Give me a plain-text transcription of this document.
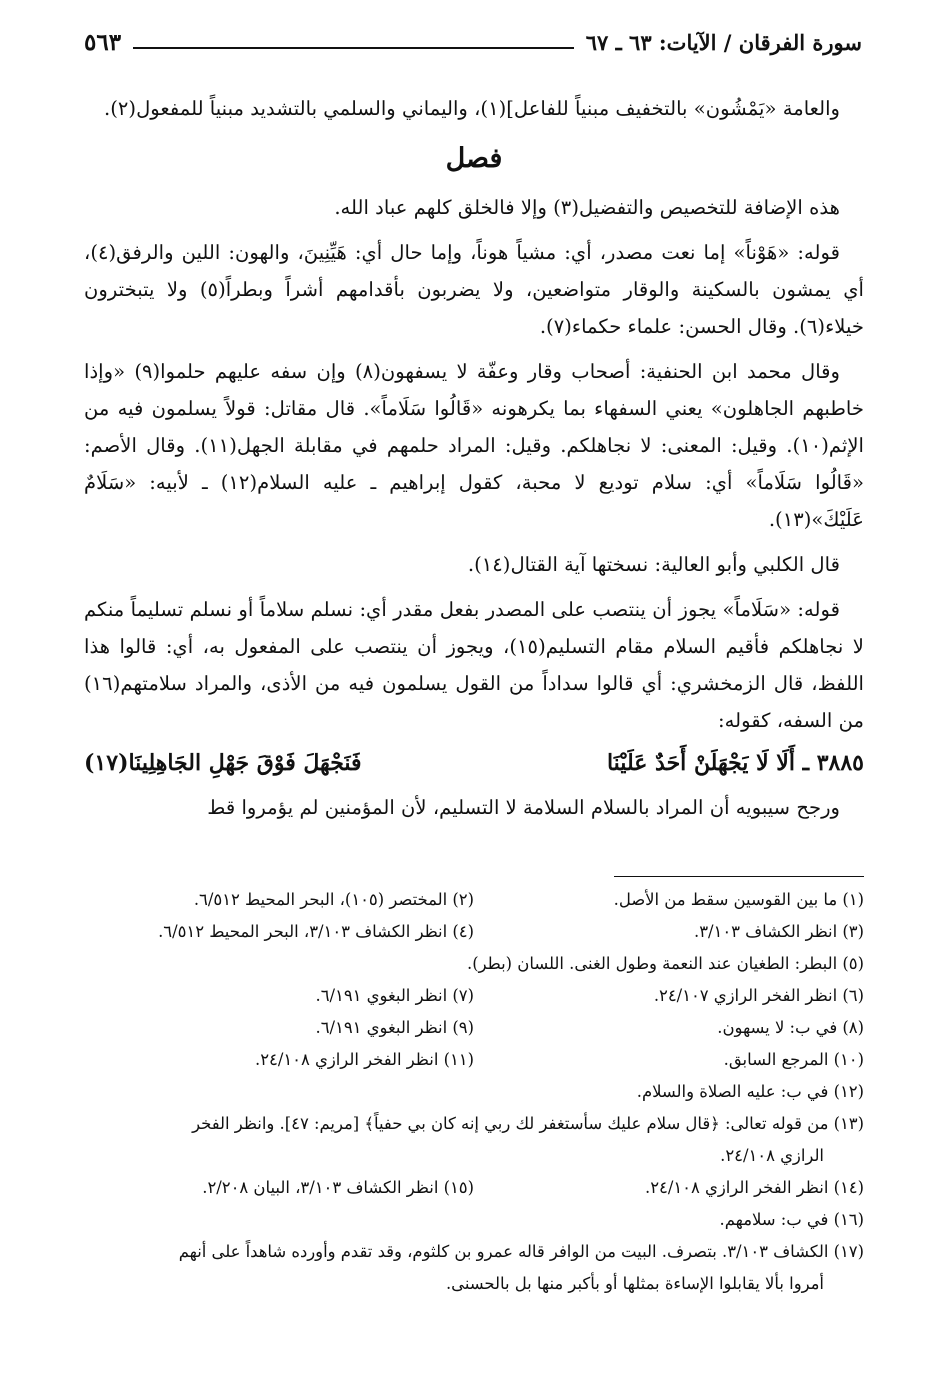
سورة الفرقان / الآيات: ٦٣ ـ ٦٧
٥٦٣

والعامة «يَمْشُون» بالتخفيف مبنياً للفاعل](١)، واليماني والسلمي بالتشديد مبنياً للمفعول(٢).

فصل

هذه الإضافة للتخصيص والتفضيل(٣) وإلا فالخلق كلهم عباد الله.

قوله: «هَوْناً» إما نعت مصدر، أي: مشياً هوناً، وإما حال أي: هَيِّنِينَ، والهون: اللين والرفق(٤)، أي يمشون بالسكينة والوقار متواضعين، ولا يضربون بأقدامهم أشراً وبطراً(٥) ولا يتبخترون خيلاء(٦). وقال الحسن: علماء حكماء(٧).

وقال محمد ابن الحنفية: أصحاب وقار وعفّة لا يسفهون(٨) وإن سفه عليهم حلموا(٩) «وإذا خاطبهم الجاهلون» يعني السفهاء بما يكرهونه «قَالُوا سَلَاماً». قال مقاتل: قولاً يسلمون فيه من الإثم(١٠). وقيل: المعنى: لا نجاهلكم. وقيل: المراد حلمهم في مقابلة الجهل(١١). وقال الأصم: «قَالُوا سَلَاماً» أي: سلام توديع لا محبة، كقول إبراهيم ـ عليه السلام(١٢) ـ لأبيه: «سَلَامٌ عَلَيْكَ»(١٣).

قال الكلبي وأبو العالية: نسختها آية القتال(١٤).

قوله: «سَلَاماً» يجوز أن ينتصب على المصدر بفعل مقدر أي: نسلم سلاماً أو نسلم تسليماً منكم لا نجاهلكم فأقيم السلام مقام التسليم(١٥)، ويجوز أن ينتصب على المفعول به، أي: قالوا هذا اللفظ، قال الزمخشري: أي قالوا سداداً من القول يسلمون فيه من الأذى، والمراد سلامتهم(١٦) من السفه، كقوله:

٣٨٨٥ ـ أَلَا لَا يَجْهَلَنْ أَحَدٌ عَلَيْنَا
فَنَجْهَلَ فَوْقَ جَهْلِ الجَاهِلِينَا(١٧)

ورجح سيبويه أن المراد بالسلام السلامة لا التسليم، لأن المؤمنين لم يؤمروا قط

(١) ما بين القوسين سقط من الأصل.
(٢) المختصر (١٠٥)، البحر المحيط ٦/٥١٢.
(٣) انظر الكشاف ٣/١٠٣.
(٤) انظر الكشاف ٣/١٠٣، البحر المحيط ٦/٥١٢.
(٥) البطر: الطغيان عند النعمة وطول الغنى. اللسان (بطر).
(٦) انظر الفخر الرازي ٢٤/١٠٧.
(٧) انظر البغوي ٦/١٩١.
(٨) في ب: لا يسهون.
(٩) انظر البغوي ٦/١٩١.
(١٠) المرجع السابق.
(١١) انظر الفخر الرازي ٢٤/١٠٨.
(١٢) في ب: عليه الصلاة والسلام.
(١٣) من قوله تعالى: ﴿قال سلام عليك سأستغفر لك ربي إنه كان بي حفياً﴾ [مريم: ٤٧]. وانظر الفخر
الرازي ٢٤/١٠٨.
(١٤) انظر الفخر الرازي ٢٤/١٠٨.
(١٥) انظر الكشاف ٣/١٠٣، البيان ٢/٢٠٨.
(١٦) في ب: سلامهم.
(١٧) الكشاف ٣/١٠٣. بتصرف. البيت من الوافر قاله عمرو بن كلثوم، وقد تقدم وأورده شاهداً على أنهم
أمروا بألا يقابلوا الإساءة بمثلها أو بأكبر منها بل بالحسنى.
